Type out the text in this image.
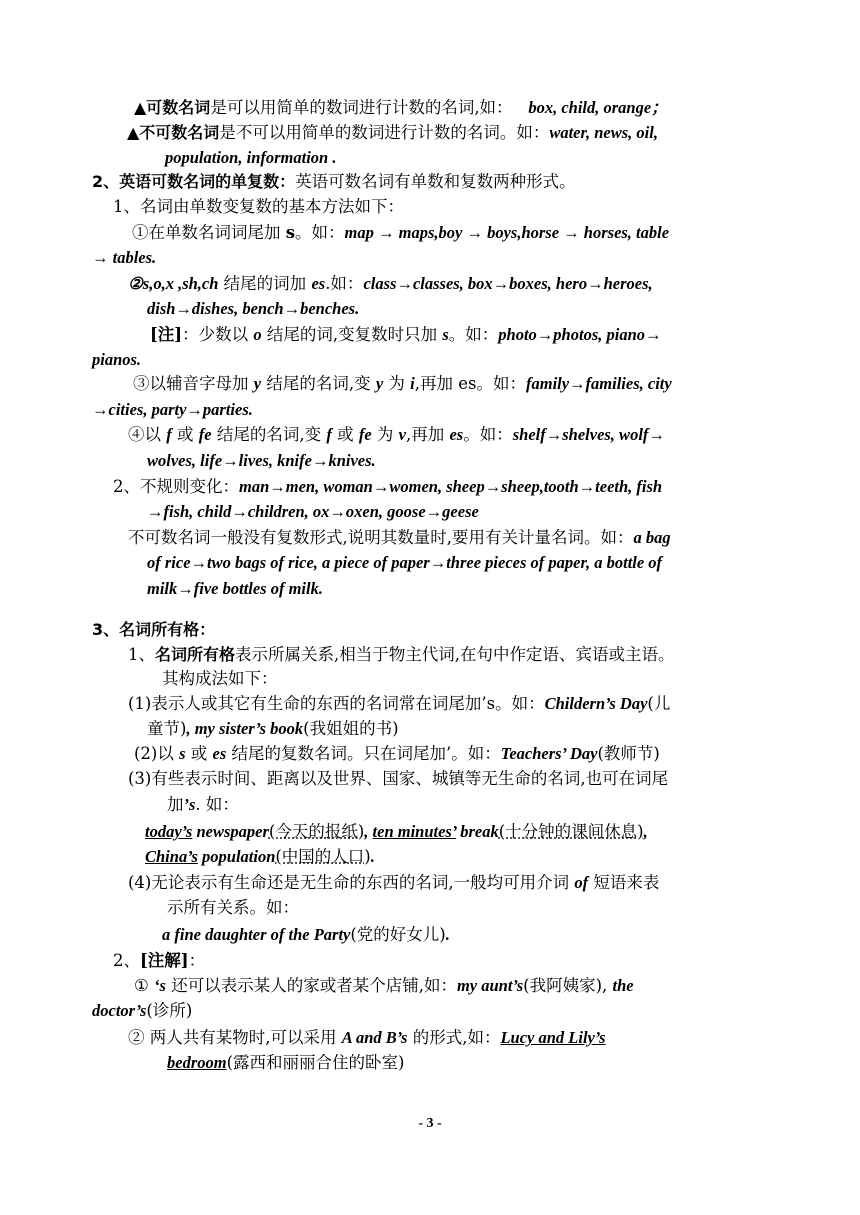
▲可数名词是可以用简单的数词进行计数的名词,如： box, child, orange；
▲不可数名词是不可以用简单的数词进行计数的名词。如：water, news, oil,
population, information .
2、英语可数名词的单复数：英语可数名词有单数和复数两种形式。
1、名词由单数变复数的基本方法如下：
①在单数名词词尾加 s。如：map → maps,boy → boys,horse → horses, table
→ tables.
②s,o,x ,sh,ch 结尾的词加 es.如：class→classes, box→boxes, hero→heroes,
dish→dishes, bench→benches.
[注]：少数以 o 结尾的词,变复数时只加 s。如：photo→photos, piano→
pianos.
③以辅音字母加 y 结尾的名词,变 y 为 i,再加 es。如：family→families, city
→cities, party→parties.
④以 f 或 fe 结尾的名词,变 f 或 fe 为 v,再加 es。如：shelf→shelves, wolf→
wolves, life→lives, knife→knives.
2、不规则变化：man→men, woman→women, sheep→sheep,tooth→teeth, fish
→fish, child→children, ox→oxen, goose→geese
不可数名词一般没有复数形式,说明其数量时,要用有关计量名词。如：a bag
of rice→two bags of rice, a piece of paper→three pieces of paper, a bottle of
milk→five bottles of milk.
3、名词所有格：
1、名词所有格表示所属关系,相当于物主代词,在句中作定语、宾语或主语。
其构成法如下：
(1)表示人或其它有生命的东西的名词常在词尾加’s。如：Childern’s Day(儿
童节), my sister’s book(我姐姐的书)
(2)以 s 或 es 结尾的复数名词。只在词尾加’。如：Teachers’ Day(教师节)
(3)有些表示时间、距离以及世界、国家、城镇等无生命的名词,也可在词尾
加’s. 如：
today’s newspaper(今天的报纸), ten minutes’ break(十分钟的课间休息),
China’s population(中国的人口).
(4)无论表示有生命还是无生命的东西的名词,一般均可用介词 of 短语来表
示所有关系。如：
a fine daughter of the Party(党的好女儿).
2、[注解]：
① ‘s 还可以表示某人的家或者某个店铺,如：my aunt’s(我阿姨家), the
doctor’s(诊所)
② 两人共有某物时,可以采用 A and B’s 的形式,如：Lucy and Lily’s
bedroom(露西和丽丽合住的卧室)
- 3 -
